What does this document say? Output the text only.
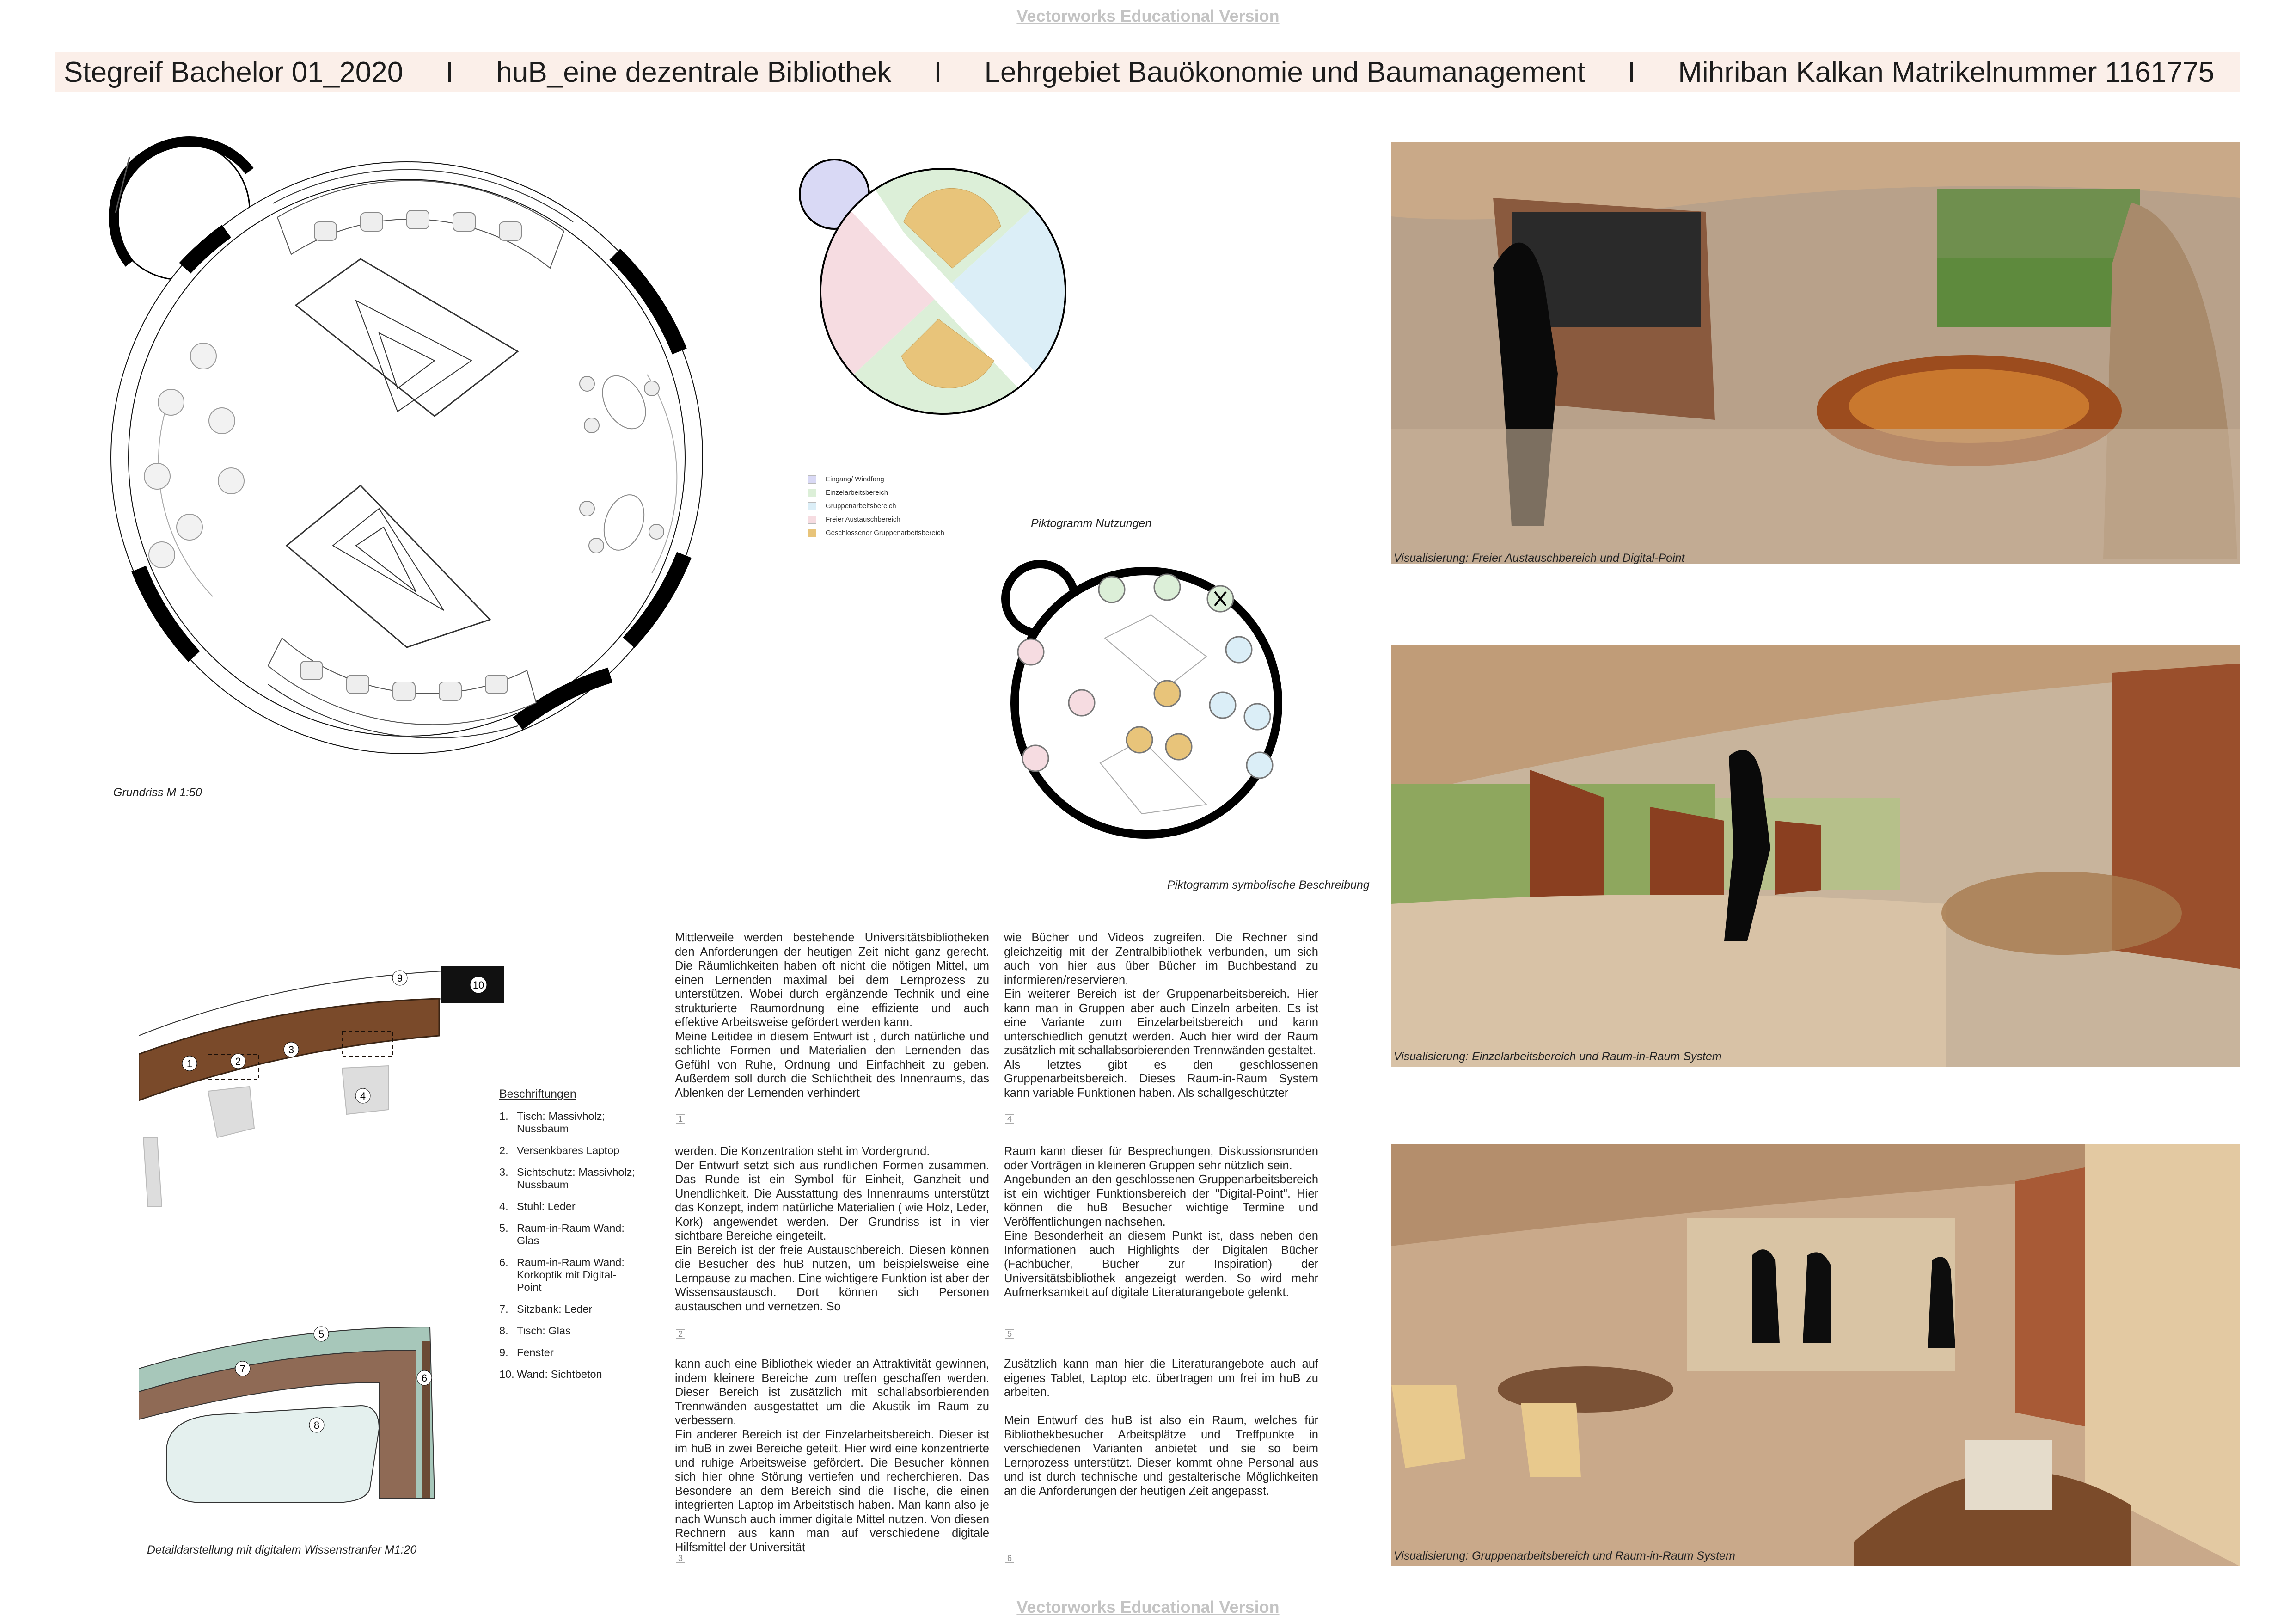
Vectorworks Educational Version
Vectorworks Educational Version
Stegreif Bachelor 01_2020 I huB_eine dezentrale Bibliothek I Lehrgebiet Bauökonomie und Baumanagement I Mihriban Kalkan Matrikelnummer 1161775
Grundriss M 1:50
Eingang/ Windfang
Einzelarbeitsbereich
Gruppenarbeitsbereich
Freier Austauschbereich
Geschlossener Gruppenarbeitsbereich
Piktogramm Nutzungen
Piktogramm symbolische Beschreibung
1	2
3
4
9
10
5
6
7
8
Detaildarstellung mit digitalem Wissenstranfer M1:20
Beschriftungen
1. Tisch: Massivholz; Nussbaum
2. Versenkbares Laptop
3. Sichtschutz: Massivholz; Nussbaum
4. Stuhl: Leder
5. Raum-in-Raum Wand: Glas
6. Raum-in-Raum Wand: Korkoptik mit Digital-Point
7. Sitzbank: Leder
8. Tisch: Glas
9. Fenster
10. Wand: Sichtbeton

Mittlerweile werden bestehende Universitätsbibliotheken den Anforderungen der heutigen Zeit nicht ganz gerecht. Die Räumlichkeiten haben oft nicht die nötigen Mittel, um einen Lernenden maximal bei dem Lernprozess zu unterstützen. Wobei durch ergänzende Technik und eine strukturierte Raumordnung eine effiziente und auch effektive Arbeitsweise gefördert werden kann.
Meine Leitidee in diesem Entwurf ist , durch natürliche und schlichte Formen und Materialien den Lernenden das Gefühl von Ruhe, Ordnung und Einfachheit zu geben. Außerdem soll durch die Schlichtheit des Innenraums, das Ablenken der Lernenden verhindert

1

werden. Die Konzentration steht im Vordergrund.
Der Entwurf setzt sich aus rundlichen Formen zusammen. Das Runde ist ein Symbol für Einheit, Ganzheit und Unendlichkeit. Die Ausstattung des Innenraums unterstützt das Konzept, indem natürliche Materialien ( wie Holz, Leder, Kork) angewendet werden. Der Grundriss ist in vier sichtbare Bereiche eingeteilt.
Ein Bereich ist der freie Austauschbereich. Diesen können die Besucher des huB nutzen, um beispielsweise eine Lernpause zu machen. Eine wichtigere Funktion ist aber der Wissensaustausch. Dort können sich Personen austauschen und vernetzen. So

2

kann auch eine Bibliothek wieder an Attraktivität gewinnen, indem kleinere Bereiche zum treffen geschaffen werden. Dieser Bereich ist zusätzlich mit schallabsorbierenden Trennwänden ausgestattet um die Akustik im Raum zu verbessern.
Ein anderer Bereich ist der Einzelarbeitsbereich. Dieser ist im huB in zwei Bereiche geteilt. Hier wird eine konzentrierte und ruhige Arbeitsweise gefördert. Die Besucher können sich hier ohne Störung vertiefen und recherchieren. Das Besondere an dem Bereich sind die Tische, die einen integrierten Laptop im Arbeitstisch haben. Man kann also je nach Wunsch auch immer digitale Mittel nutzen. Von diesen Rechnern aus kann man auf verschiedene digitale Hilfsmittel der Universität

3

wie Bücher und Videos zugreifen. Die Rechner sind gleichzeitig mit der Zentralbibliothek verbunden, um sich auch von hier aus über Bücher im Buchbestand zu informieren/reservieren.
Ein weiterer Bereich ist der Gruppenarbeitsbereich. Hier kann man in Gruppen aber auch Einzeln arbeiten. Es ist eine Variante zum Einzelarbeitsbereich und kann unterschiedlich genutzt werden. Auch hier wird der Raum zusätzlich mit schallabsorbierenden Trennwänden gestaltet.
Als letztes gibt es den geschlossenen Gruppenarbeitsbereich. Dieses Raum-in-Raum System kann variable Funktionen haben. Als schallgeschützter

4

Raum kann dieser für Besprechungen, Diskussionsrunden oder Vorträgen in kleineren Gruppen sehr nützlich sein.
Angebunden an den geschlossenen Gruppenarbeitsbereich ist ein wichtiger Funktionsbereich der "Digital-Point". Hier können die huB Besucher wichtige Termine und Veröffentlichungen nachsehen.
Eine Besonderheit an diesem Punkt ist, dass neben den Informationen auch Highlights der Digitalen Bücher (Fachbücher, Bücher zur Inspiration) der Universitätsbibliothek angezeigt werden. So wird mehr Aufmerksamkeit auf digitale Literaturangebote gelenkt.

5

Zusätzlich kann man hier die Literaturangebote auch auf eigenes Tablet, Laptop etc. übertragen um frei im huB zu arbeiten.

Mein Entwurf des huB ist also ein Raum, welches für Bibliothekbesucher Arbeitsplätze und Treffpunkte in verschiedenen Varianten anbietet und sie so beim Lernprozess unterstützt. Dieser kommt ohne Personal aus und ist durch technische und gestalterische Möglichkeiten an die Anforderungen der heutigen Zeit angepasst.

6
Visualisierung: Freier Austauschbereich und Digital-Point
Visualisierung: Einzelarbeitsbereich und Raum-in-Raum System
Visualisierung: Gruppenarbeitsbereich und Raum-in-Raum System
